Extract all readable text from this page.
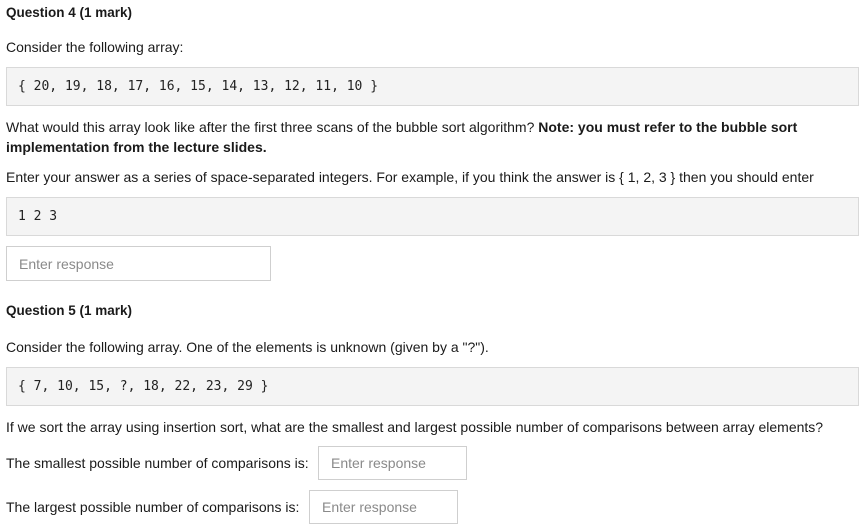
Question 4 (1 mark)
Consider the following array:
{ 20, 19, 18, 17, 16, 15, 14, 13, 12, 11, 10 }
What would this array look like after the first three scans of the bubble sort algorithm? Note: you must refer to the bubble sort
implementation from the lecture slides.
Enter your answer as a series of space-separated integers. For example, if you think the answer is { 1, 2, 3 } then you should enter
1 2 3
Enter response
Question 5 (1 mark)
Consider the following array. One of the elements is unknown (given by a "?").
{ 7, 10, 15, ?, 18, 22, 23, 29 }
If we sort the array using insertion sort, what are the smallest and largest possible number of comparisons between array elements?
The smallest possible number of comparisons is:
Enter response
The largest possible number of comparisons is:
Enter response
